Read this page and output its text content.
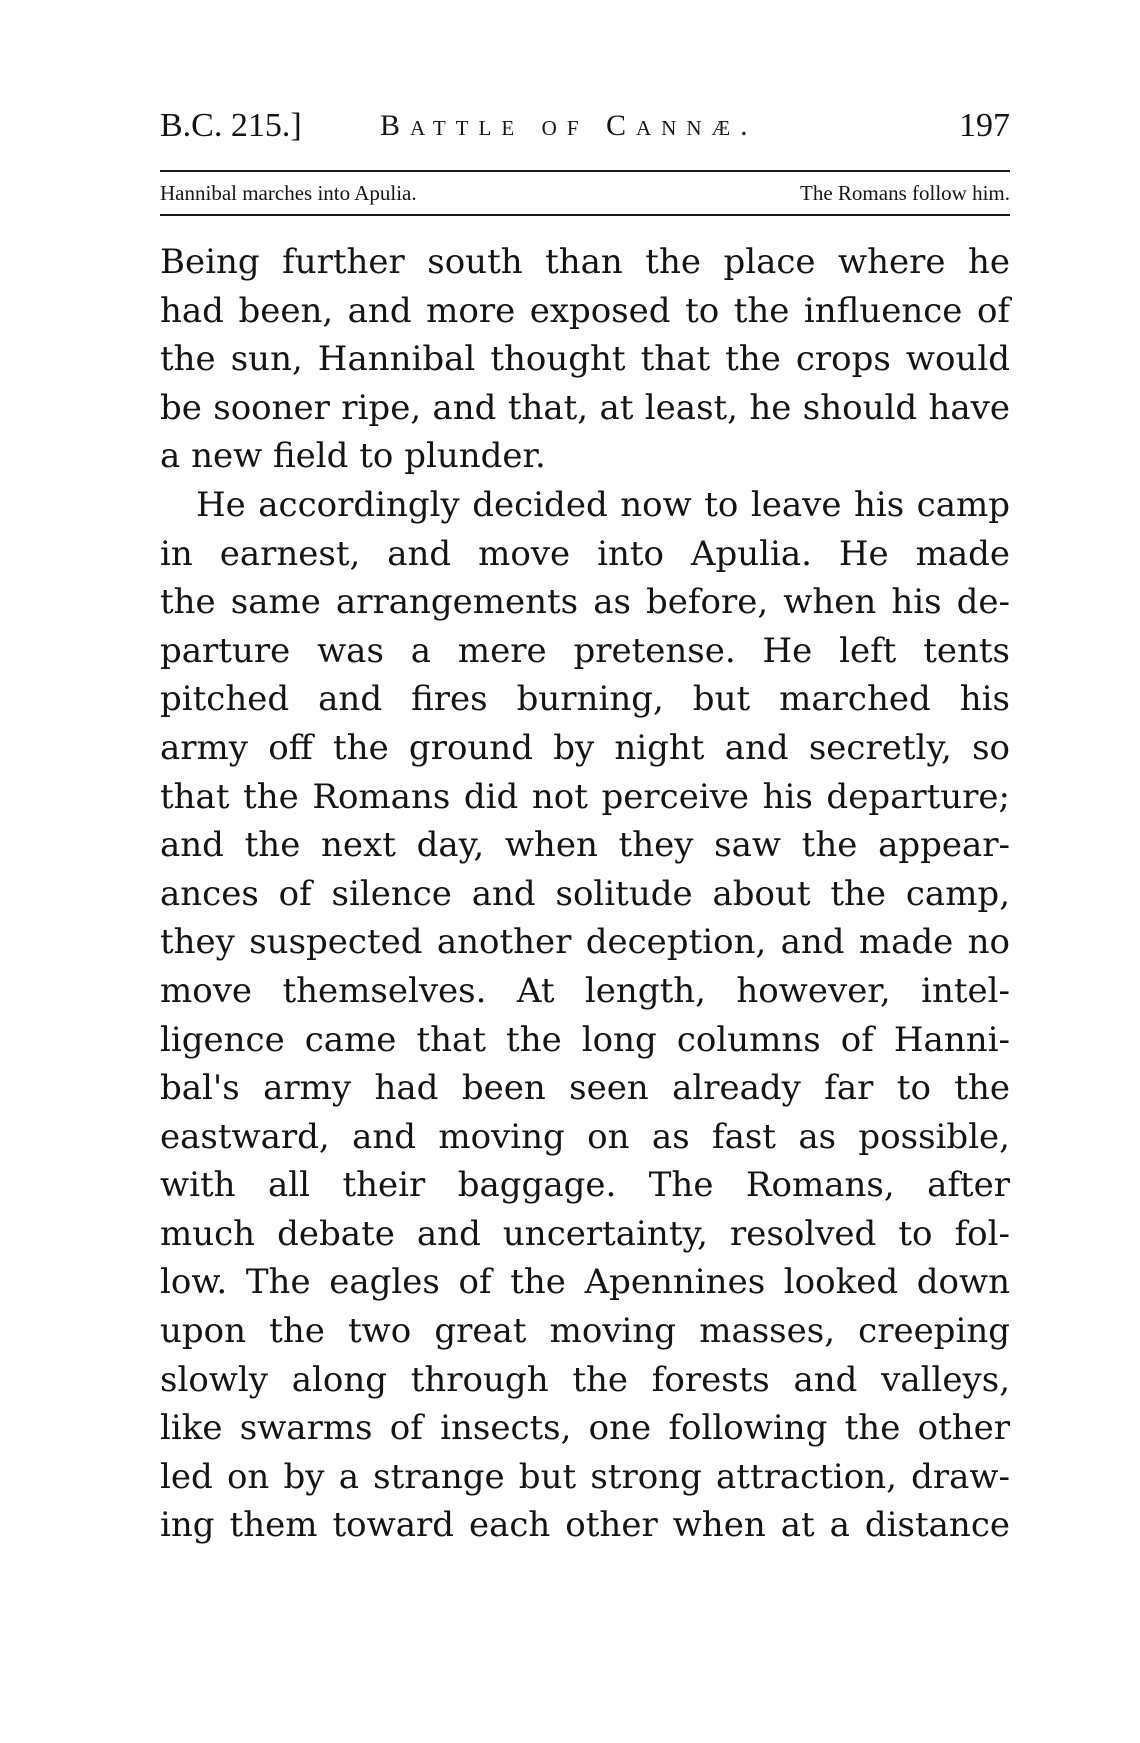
B.C. 215.]	Battle of Cannæ.	197
Hannibal marches into Apulia.	The Romans follow him.
Being further south than the place where he
had been, and more exposed to the influence of
the sun, Hannibal thought that the crops would
be sooner ripe, and that, at least, he should have
a new field to plunder.
He accordingly decided now to leave his camp
in earnest, and move into Apulia. He made
the same arrangements as before, when his de-
parture was a mere pretense. He left tents
pitched and fires burning, but marched his
army off the ground by night and secretly, so
that the Romans did not perceive his departure;
and the next day, when they saw the appear-
ances of silence and solitude about the camp,
they suspected another deception, and made no
move themselves. At length, however, intel-
ligence came that the long columns of Hanni-
bal's army had been seen already far to the
eastward, and moving on as fast as possible,
with all their baggage. The Romans, after
much debate and uncertainty, resolved to fol-
low. The eagles of the Apennines looked down
upon the two great moving masses, creeping
slowly along through the forests and valleys,
like swarms of insects, one following the other
led on by a strange but strong attraction, draw-
ing them toward each other when at a distance
